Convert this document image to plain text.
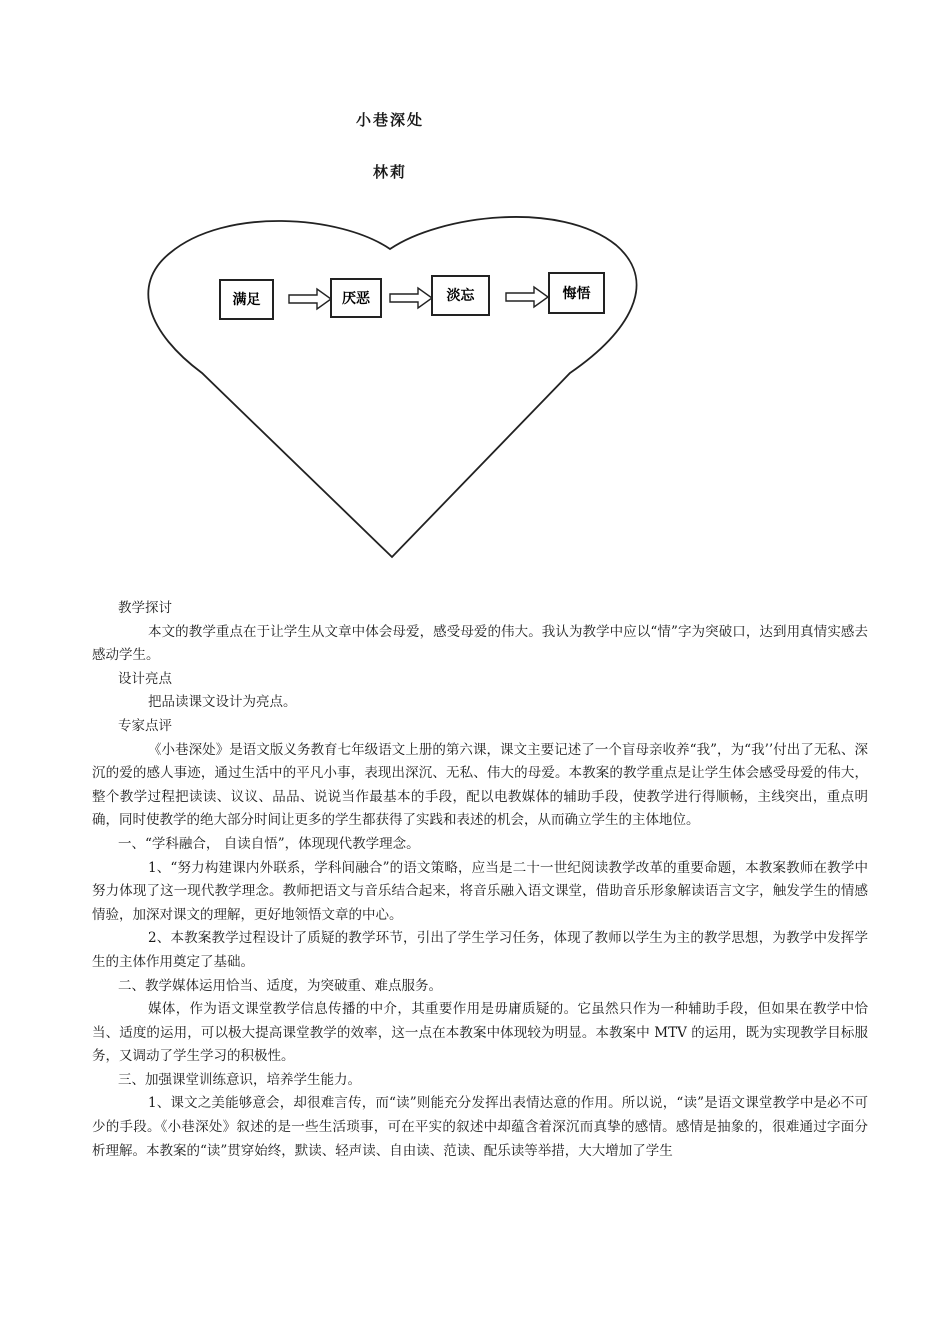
小巷深处
林莉
满足	厌恶	淡忘	悔悟

教学探讨

本文的教学重点在于让学生从文章中体会母爱，感受母爱的伟大。我认为教学中应以“情”字为突破口，达到用真情实感去感动学生。

设计亮点

把品读课文设计为亮点。

专家点评

《小巷深处》是语文版义务教育七年级语文上册的第六课，课文主要记述了一个盲母亲收养“我”，为“我’’付出了无私、深沉的爱的感人事迹，通过生活中的平凡小事，表现出深沉、无私、伟大的母爱。本教案的教学重点是让学生体会感受母爱的伟大，整个教学过程把读读、议议、品品、说说当作最基本的手段，配以电教媒体的辅助手段，使教学进行得顺畅，主线突出，重点明确，同时使教学的绝大部分时间让更多的学生都获得了实践和表述的机会，从而确立学生的主体地位。

一、“学科融合， 自读自悟”，体现现代教学理念。

1、“努力构建课内外联系，学科间融合”的语文策略，应当是二十一世纪阅读教学改革的重要命题，本教案教师在教学中努力体现了这一现代教学理念。教师把语文与音乐结合起来，将音乐融入语文课堂，借助音乐形象解读语言文字，触发学生的情感情验，加深对课文的理解，更好地领悟文章的中心。

2、本教案教学过程设计了质疑的教学环节，引出了学生学习任务，体现了教师以学生为主的教学思想，为教学中发挥学生的主体作用奠定了基础。

二、教学媒体运用恰当、适度，为突破重、难点服务。

媒体，作为语文课堂教学信息传播的中介，其重要作用是毋庸质疑的。它虽然只作为一种辅助手段，但如果在教学中恰当、适度的运用，可以极大提高课堂教学的效率，这一点在本教案中体现较为明显。本教案中 MTV 的运用，既为实现教学目标服务，又调动了学生学习的积极性。

三、加强课堂训练意识，培养学生能力。

1、课文之美能够意会，却很难言传，而“读”则能充分发挥出表情达意的作用。所以说，“读”是语文课堂教学中是必不可少的手段。《小巷深处》叙述的是一些生活琐事，可在平实的叙述中却蕴含着深沉而真挚的感情。感情是抽象的，很难通过字面分析理解。本教案的“读”贯穿始终，默读、轻声读、自由读、范读、配乐读等举措，大大增加了学生
